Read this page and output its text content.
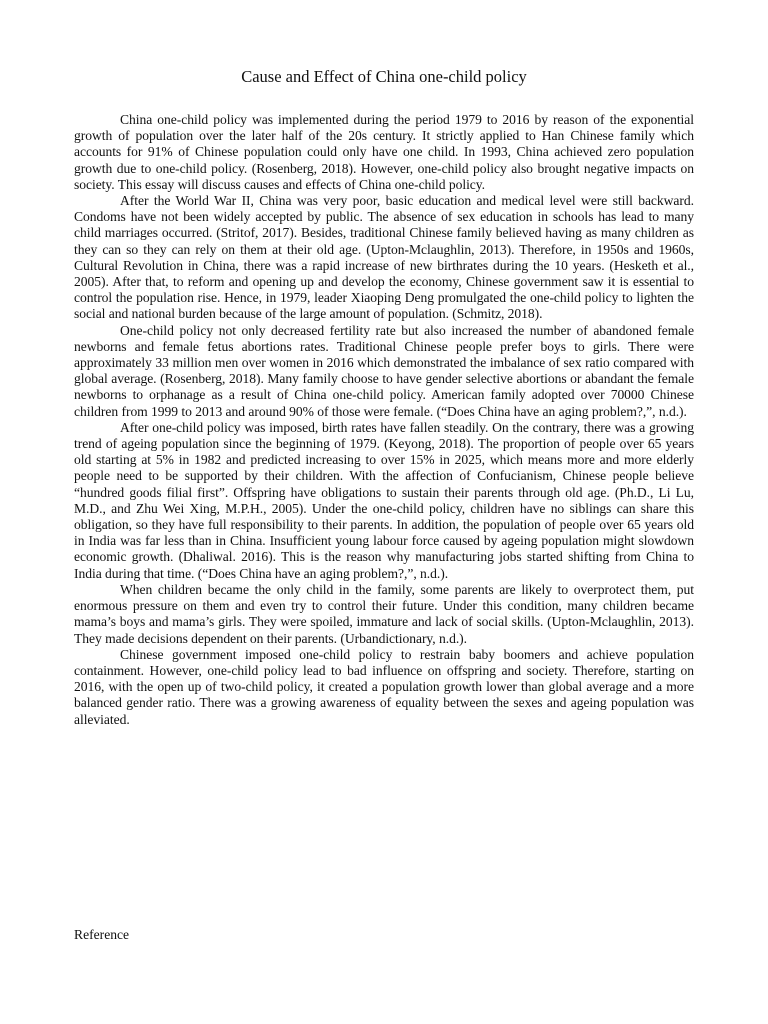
Cause and Effect of China one-child policy

China one-child policy was implemented during the period 1979 to 2016 by reason of the exponential growth of population over the later half of the 20s century. It strictly applied to Han Chinese family which accounts for 91% of Chinese population could only have one child. In 1993, China achieved zero population growth due to one-child policy. (Rosenberg, 2018). However, one-child policy also brought negative impacts on society. This essay will discuss causes and effects of China one-child policy.

After the World War II, China was very poor, basic education and medical level were still backward. Condoms have not been widely accepted by public. The absence of sex education in schools has lead to many child marriages occurred. (Stritof, 2017). Besides, traditional Chinese family believed having as many children as they can so they can rely on them at their old age. (Upton-Mclaughlin, 2013). Therefore, in 1950s and 1960s, Cultural Revolution in China, there was a rapid increase of new birthrates during the 10 years. (Hesketh et al., 2005). After that, to reform and opening up and develop the economy, Chinese government saw it is essential to control the population rise. Hence, in 1979, leader Xiaoping Deng promulgated the one-child policy to lighten the social and national burden because of the large amount of population. (Schmitz, 2018).

One-child policy not only decreased fertility rate but also increased the number of abandoned female newborns and female fetus abortions rates. Traditional Chinese people prefer boys to girls. There were approximately 33 million men over women in 2016 which demonstrated the imbalance of sex ratio compared with global average. (Rosenberg, 2018). Many family choose to have gender selective abortions or abandant the female newborns to orphanage as a result of China one-child policy. American family adopted over 70000 Chinese children from 1999 to 2013 and around 90% of those were female. (“Does China have an aging problem?,”, n.d.).

After one-child policy was imposed, birth rates have fallen steadily. On the contrary, there was a growing trend of ageing population since the beginning of 1979. (Keyong, 2018). The proportion of people over 65 years old starting at 5% in 1982 and predicted increasing to over 15% in 2025, which means more and more elderly people need to be supported by their children. With the affection of Confucianism, Chinese people believe “hundred goods filial first”. Offspring have obligations to sustain their parents through old age. (Ph.D., Li Lu, M.D., and Zhu Wei Xing, M.P.H., 2005). Under the one-child policy, children have no siblings can share this obligation, so they have full responsibility to their parents. In addition, the population of people over 65 years old in India was far less than in China. Insufficient young labour force caused by ageing population might slowdown economic growth. (Dhaliwal. 2016). This is the reason why manufacturing jobs started shifting from China to India during that time. (“Does China have an aging problem?,”, n.d.).

When children became the only child in the family, some parents are likely to overprotect them, put enormous pressure on them and even try to control their future. Under this condition, many children became mama’s boys and mama’s girls. They were spoiled, immature and lack of social skills. (Upton-Mclaughlin, 2013). They made decisions dependent on their parents. (Urbandictionary, n.d.).

Chinese government imposed one-child policy to restrain baby boomers and achieve population containment. However, one-child policy lead to bad influence on offspring and society. Therefore, starting on 2016, with the open up of two-child policy, it created a population growth lower than global average and a more balanced gender ratio. There was a growing awareness of equality between the sexes and ageing population was alleviated.

Reference
